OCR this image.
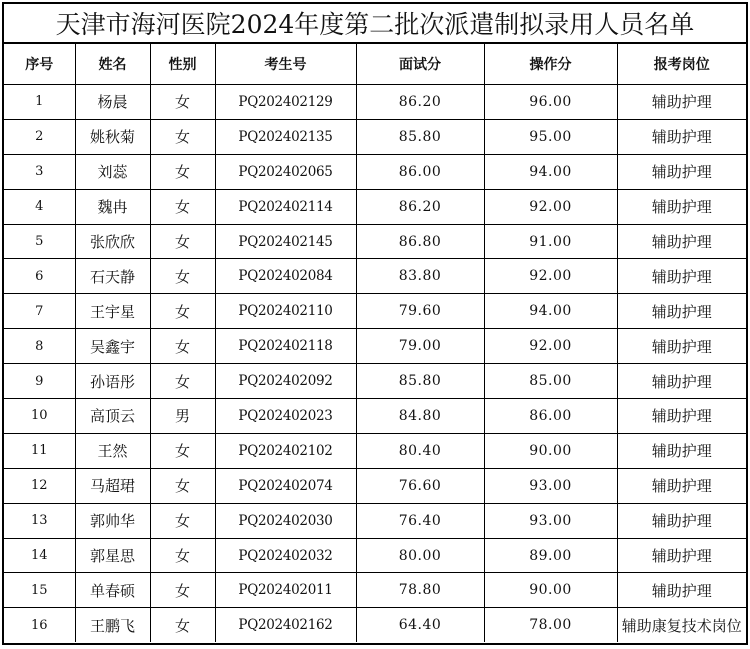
天津市海河医院2024年度第二批次派遣制拟录用人员名单
序号	姓名	性别	考生号	面试分	操作分	报考岗位
1	杨晨	女	PQ202402129	86.20	96.00	辅助护理
2	姚秋菊	女	PQ202402135	85.80	95.00	辅助护理
3	刘蕊	女	PQ202402065	86.00	94.00	辅助护理
4	魏冉	女	PQ202402114	86.20	92.00	辅助护理
5	张欣欣	女	PQ202402145	86.80	91.00	辅助护理
6	石天静	女	PQ202402084	83.80	92.00	辅助护理
7	王宇星	女	PQ202402110	79.60	94.00	辅助护理
8	吴鑫宇	女	PQ202402118	79.00	92.00	辅助护理
9	孙语彤	女	PQ202402092	85.80	85.00	辅助护理
10	高顶云	男	PQ202402023	84.80	86.00	辅助护理
11	王然	女	PQ202402102	80.40	90.00	辅助护理
12	马超珺	女	PQ202402074	76.60	93.00	辅助护理
13	郭帅华	女	PQ202402030	76.40	93.00	辅助护理
14	郭星思	女	PQ202402032	80.00	89.00	辅助护理
15	单春硕	女	PQ202402011	78.80	90.00	辅助护理
16	王鹏飞	女	PQ202402162	64.40	78.00	辅助康复技术岗位
